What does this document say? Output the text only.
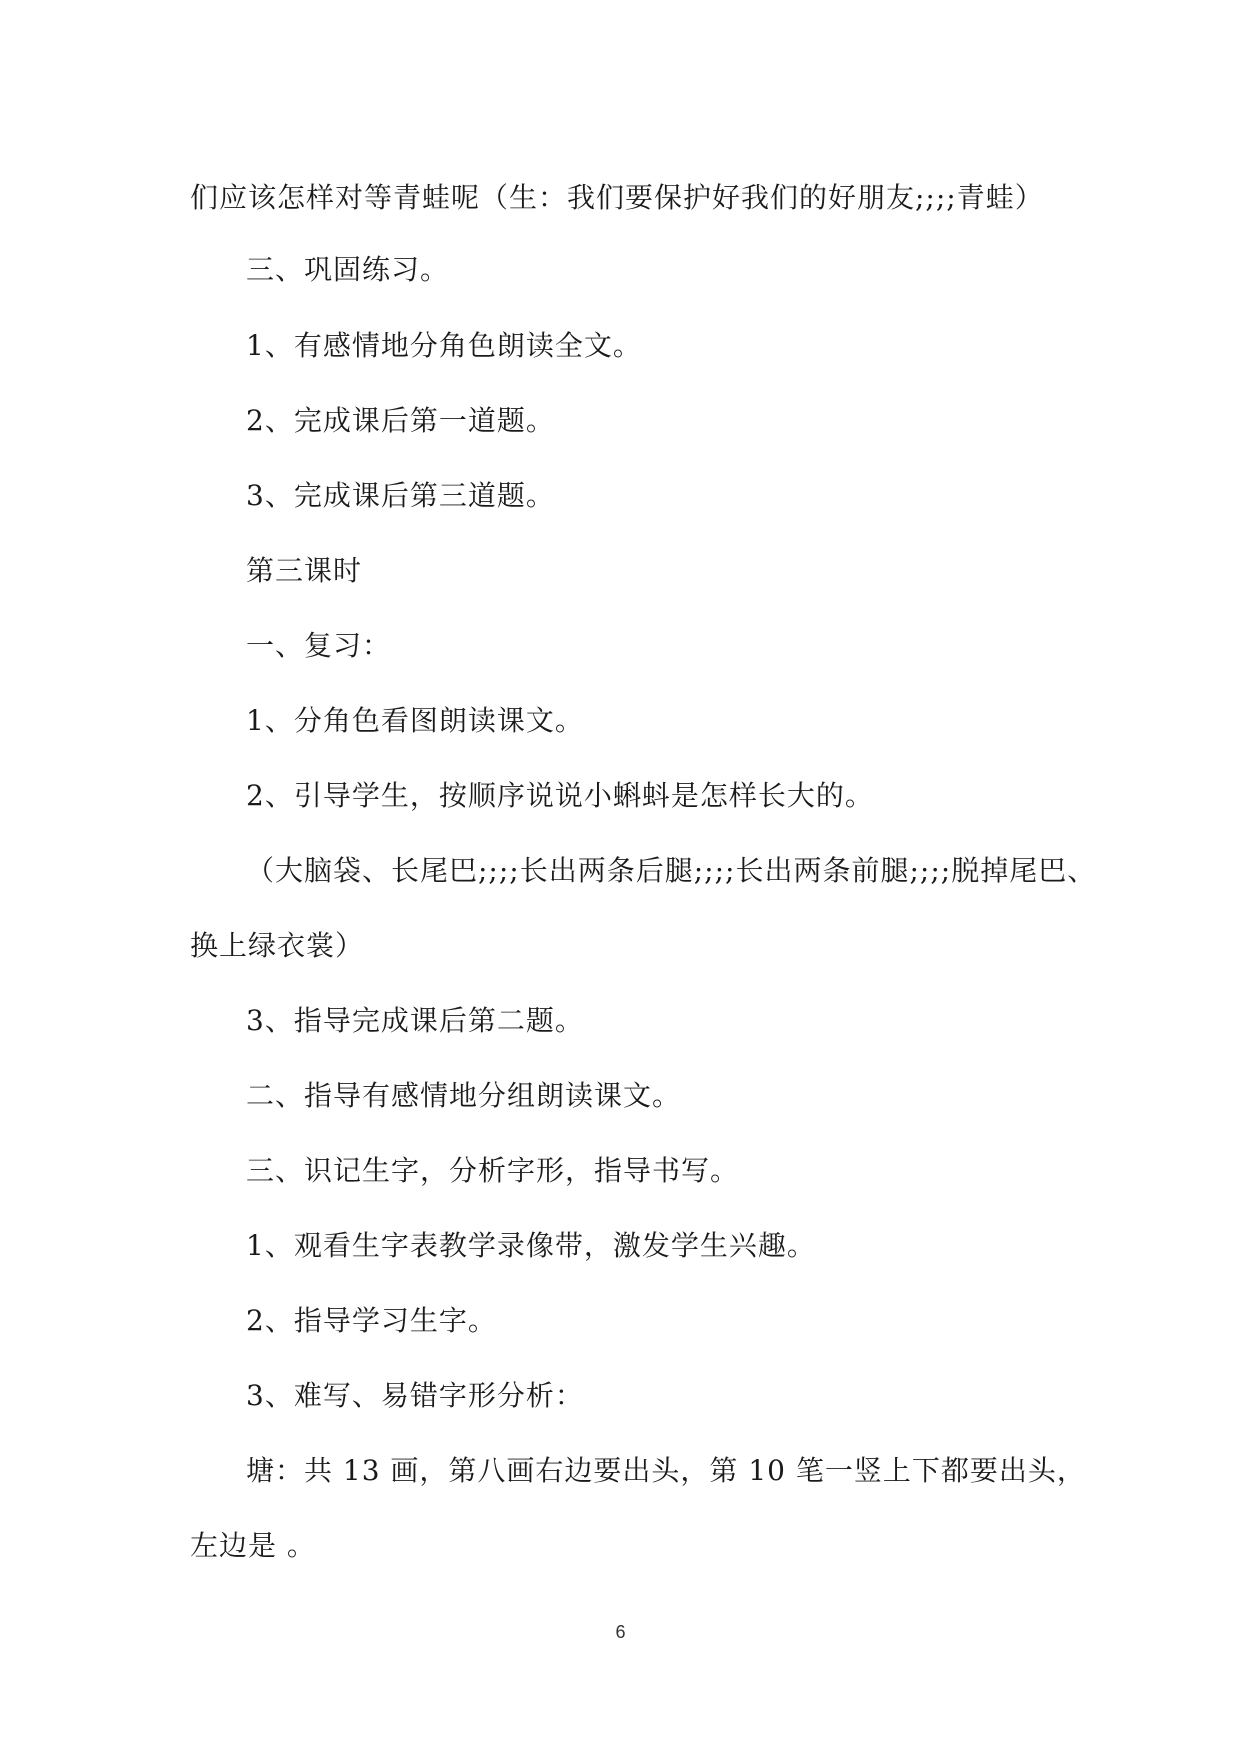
们应该怎样对等青蛙呢（生：我们要保护好我们的好朋友;;;;青蛙）

三、巩固练习。

1、有感情地分角色朗读全文。

2、完成课后第一道题。

3、完成课后第三道题。

第三课时

一、复习：

1、分角色看图朗读课文。

2、引导学生，按顺序说说小蝌蚪是怎样长大的。

（大脑袋、长尾巴;;;;长出两条后腿;;;;长出两条前腿;;;;脱掉尾巴、

换上绿衣裳）

3、指导完成课后第二题。

二、指导有感情地分组朗读课文。

三、识记生字，分析字形，指导书写。

1、观看生字表教学录像带，激发学生兴趣。

2、指导学习生字。

3、难写、易错字形分析：

塘：共 13 画，第八画右边要出头，第 10 笔一竖上下都要出头，

左边是 。

6
